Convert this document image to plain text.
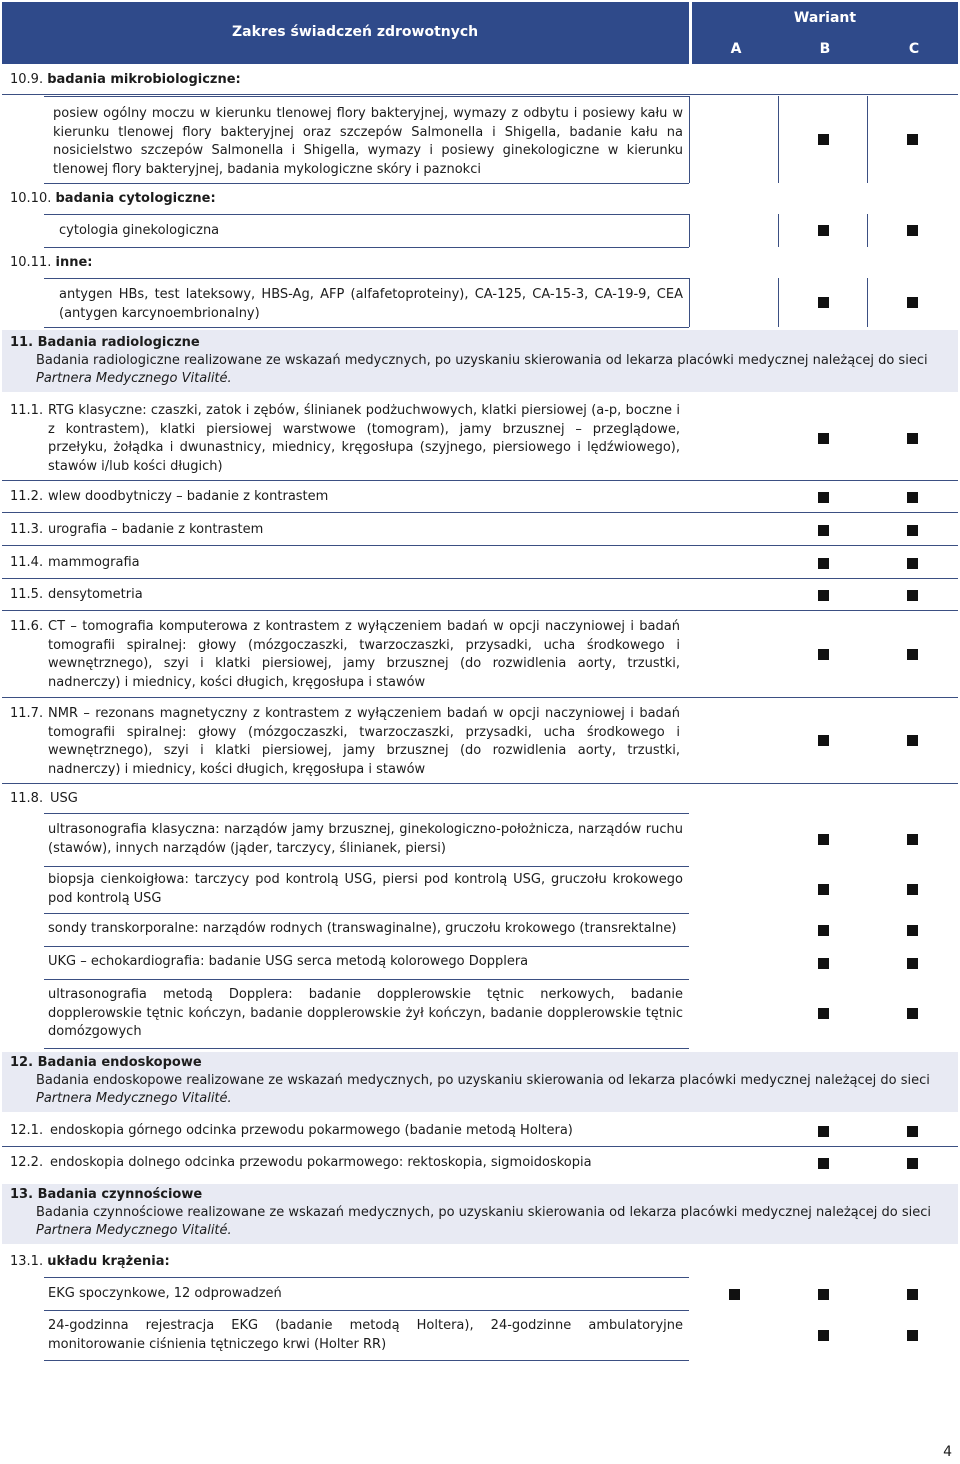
Zakres świadczeń zdrowotnych
Wariant
A	B	C
10.9. badania mikrobiologiczne:
posiew ogólny moczu w kierunku tlenowej flory bakteryjnej, wymazy z odbytu i posiewy kału w kierunku tlenowej flory bakteryjnej oraz szczepów Salmonella i Shigella, badanie kału na nosicielstwo szczepów Salmonella i Shigella, wymazy i posiewy ginekologiczne w kierunku tlenowej flory bakteryjnej, badania mykologiczne skóry i paznokci
10.10. badania cytologiczne:
cytologia ginekologiczna
10.11. inne:
antygen HBs, test lateksowy, HBS-Ag, AFP (alfafetoproteiny), CA-125, CA-15-3, CA-19-9, CEA (antygen karcynoembrionalny)
11. Badania radiologiczne
Badania radiologiczne realizowane ze wskazań medycznych, po uzyskaniu skierowania od lekarza placówki medycznej należącej do sieci
Partnera Medycznego Vitalité.
11.1. RTG klasyczne: czaszki, zatok i zębów, ślinianek podżuchwowych, klatki piersiowej (a-p, boczne i z kontrastem), klatki piersiowej warstwowe (tomogram), jamy brzusznej – przeglądowe, przełyku, żołądka i dwunastnicy, miednicy, kręgosłupa (szyjnego, piersiowego i lędźwiowego), stawów i/lub kości długich)
11.2. wlew doodbytniczy – badanie z kontrastem
11.3. urografia – badanie z kontrastem
11.4. mammografia
11.5. densytometria
11.6. CT – tomografia komputerowa z kontrastem z wyłączeniem badań w opcji naczyniowej i badań tomografii spiralnej: głowy (mózgoczaszki, twarzoczaszki, przysadki, ucha środkowego i wewnętrznego), szyi i klatki piersiowej, jamy brzusznej (do rozwidlenia aorty, trzustki, nadnerczy) i miednicy, kości długich, kręgosłupa i stawów
11.7. NMR – rezonans magnetyczny z kontrastem z wyłączeniem badań w opcji naczyniowej i badań tomografii spiralnej: głowy (mózgoczaszki, twarzoczaszki, przysadki, ucha środkowego i wewnętrznego), szyi i klatki piersiowej, jamy brzusznej (do rozwidlenia aorty, trzustki, nadnerczy) i miednicy, kości długich, kręgosłupa i stawów
11.8. USG
ultrasonografia klasyczna: narządów jamy brzusznej, ginekologiczno-położnicza, narządów ruchu (stawów), innych narządów (jąder, tarczycy, ślinianek, piersi)
biopsja cienkoigłowa: tarczycy pod kontrolą USG, piersi pod kontrolą USG, gruczołu krokowego pod kontrolą USG
sondy transkorporalne: narządów rodnych (transwaginalne), gruczołu krokowego (transrektalne)
UKG – echokardiografia: badanie USG serca metodą kolorowego Dopplera
ultrasonografia metodą Dopplera: badanie dopplerowskie tętnic nerkowych, badanie dopplerowskie tętnic kończyn, badanie dopplerowskie żył kończyn, badanie dopplerowskie tętnic domózgowych
12. Badania endoskopowe
Badania endoskopowe realizowane ze wskazań medycznych, po uzyskaniu skierowania od lekarza placówki medycznej należącej do sieci
Partnera Medycznego Vitalité.
12.1. endoskopia górnego odcinka przewodu pokarmowego (badanie metodą Holtera)
12.2. endoskopia dolnego odcinka przewodu pokarmowego: rektoskopia, sigmoidoskopia
13. Badania czynnościowe
Badania czynnościowe realizowane ze wskazań medycznych, po uzyskaniu skierowania od lekarza placówki medycznej należącej do sieci
Partnera Medycznego Vitalité.
13.1. układu krążenia:
EKG spoczynkowe, 12 odprowadzeń
24-godzinna rejestracja EKG (badanie metodą Holtera), 24-godzinne ambulatoryjne monitorowanie ciśnienia tętniczego krwi (Holter RR)
4
